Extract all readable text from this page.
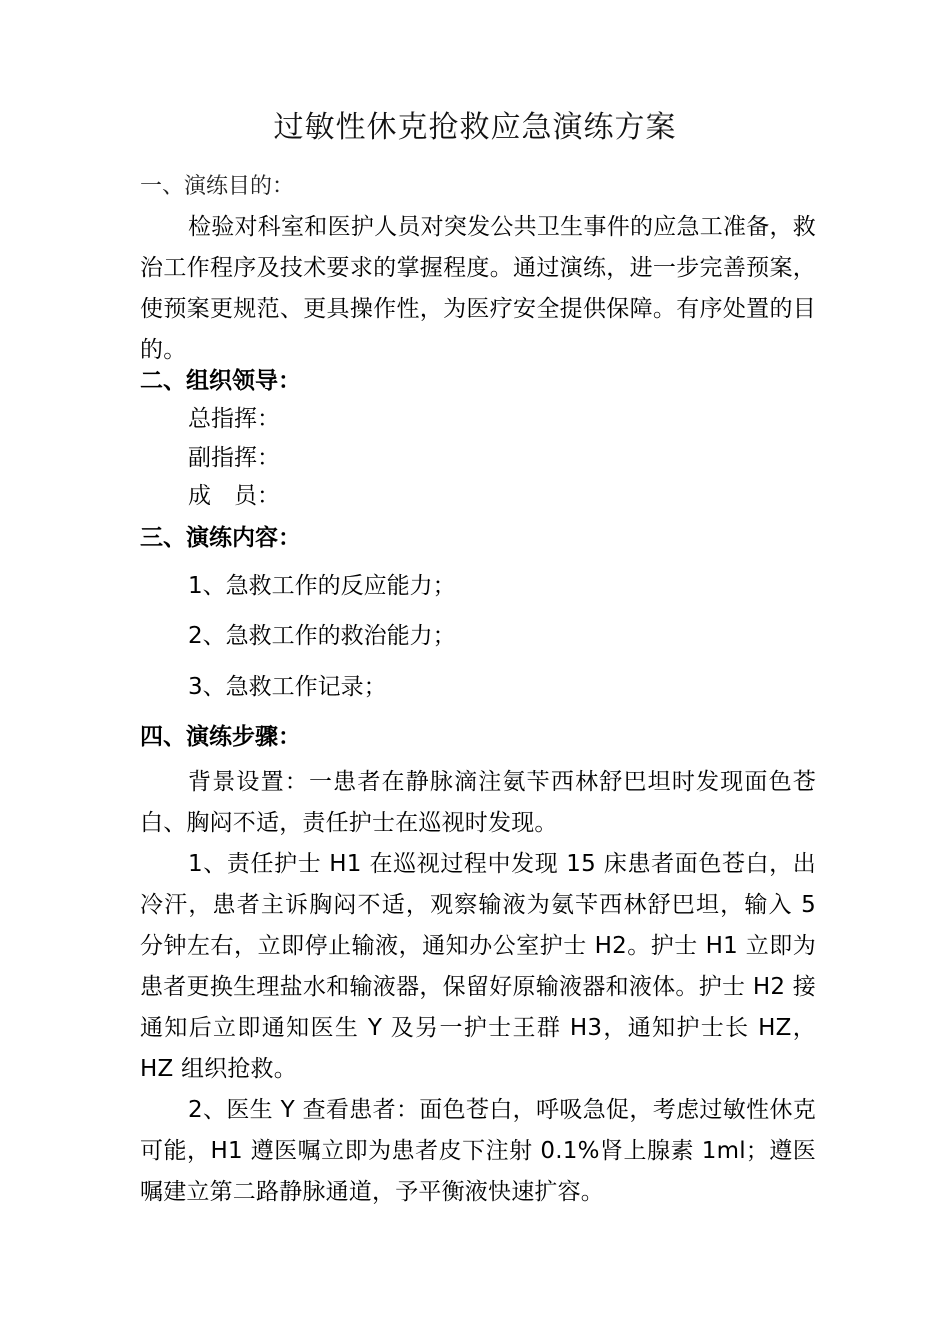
过敏性休克抢救应急演练方案
一、演练目的：
检验对科室和医护人员对突发公共卫生事件的应急工准备，救治工作程序及技术要求的掌握程度。通过演练，进一步完善预案，使预案更规范、更具操作性，为医疗安全提供保障。有序处置的目的。
二、组织领导：
总指挥：
副指挥：
成　员：
三、演练内容：
1、急救工作的反应能力；
2、急救工作的救治能力；
3、急救工作记录；
四、演练步骤：
背景设置：一患者在静脉滴注氨苄西林舒巴坦时发现面色苍白、胸闷不适，责任护士在巡视时发现。
1、责任护士 H1 在巡视过程中发现 15 床患者面色苍白，出冷汗，患者主诉胸闷不适，观察输液为氨苄西林舒巴坦，输入 5 分钟左右，立即停止输液，通知办公室护士 H2。护士 H1 立即为患者更换生理盐水和输液器，保留好原输液器和液体。护士 H2 接通知后立即通知医生 Y 及另一护士王群 H3，通知护士长 HZ，HZ 组织抢救。
2、医生 Y 查看患者：面色苍白，呼吸急促，考虑过敏性休克可能，H1 遵医嘱立即为患者皮下注射 0.1%肾上腺素 1ml；遵医嘱建立第二路静脉通道，予平衡液快速扩容。
